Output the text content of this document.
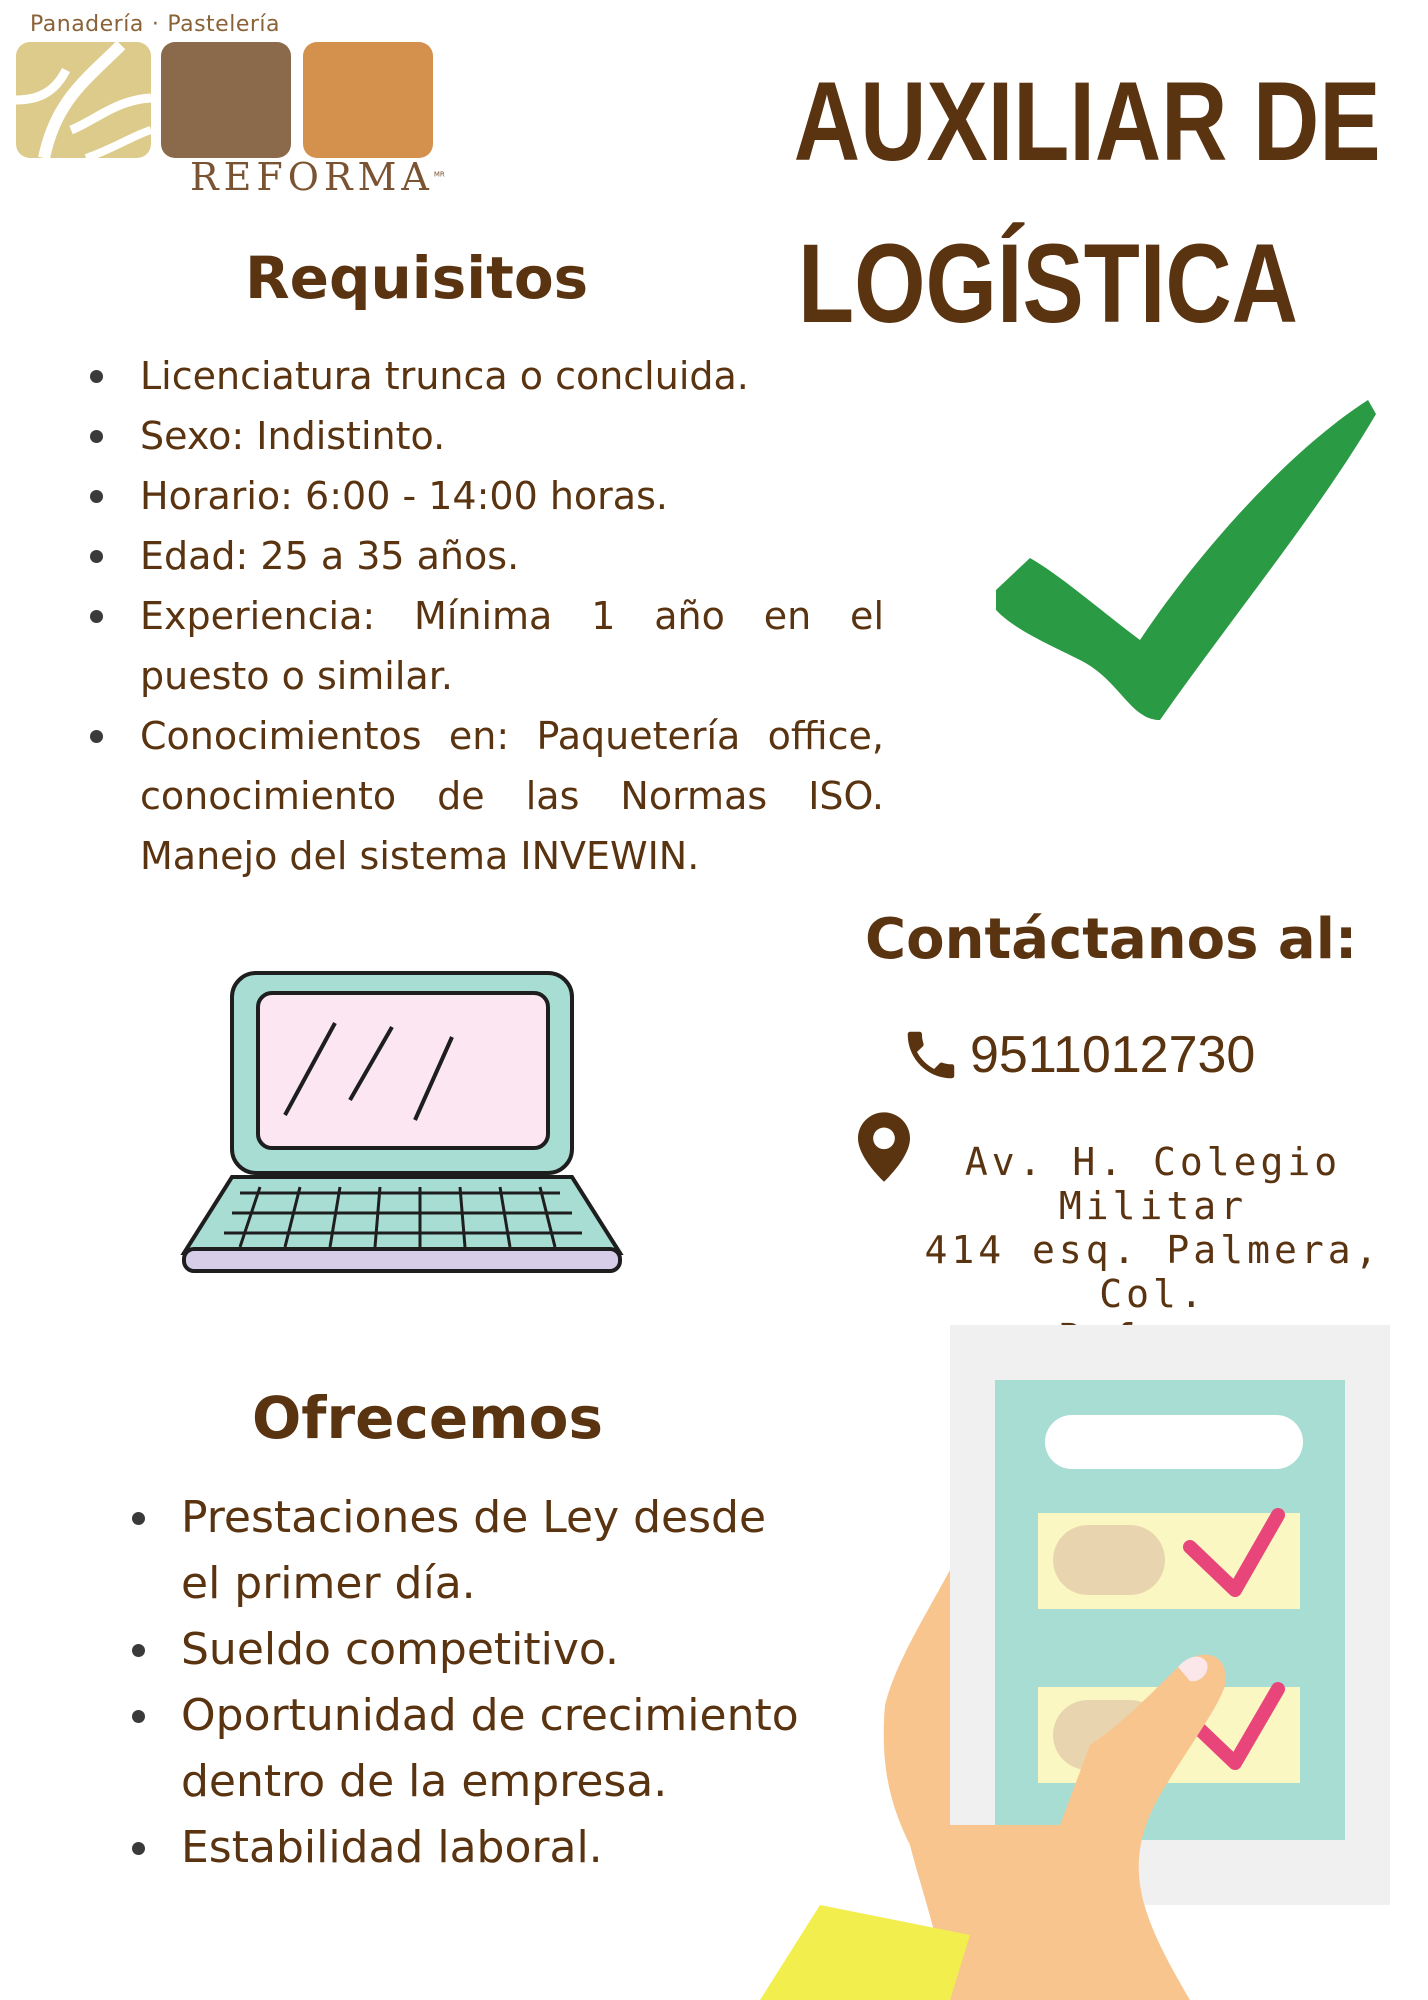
Panadería · Pastelería
$REFORMA^{MR}$	AUXILIAR DE
LOGÍSTICA
Requisitos
Licenciatura trunca o concluida.
Sexo: Indistinto.
Horario: 6:00 - 14:00 horas.
Edad: 25 a 35 años.
Experiencia: Mínima 1 año en el puesto o similar.
Conocimientos en: Paquetería office, conocimiento de las Normas ISO. Manejo del sistema INVEWIN.
Contáctanos al:
9511012730
Av. H. Colegio Militar
414 esq. Palmera, Col.
Ofrecemos
Prestaciones de Ley desde el primer día.
Sueldo competitivo.
Oportunidad de crecimiento dentro de la empresa.
Estabilidad laboral.
